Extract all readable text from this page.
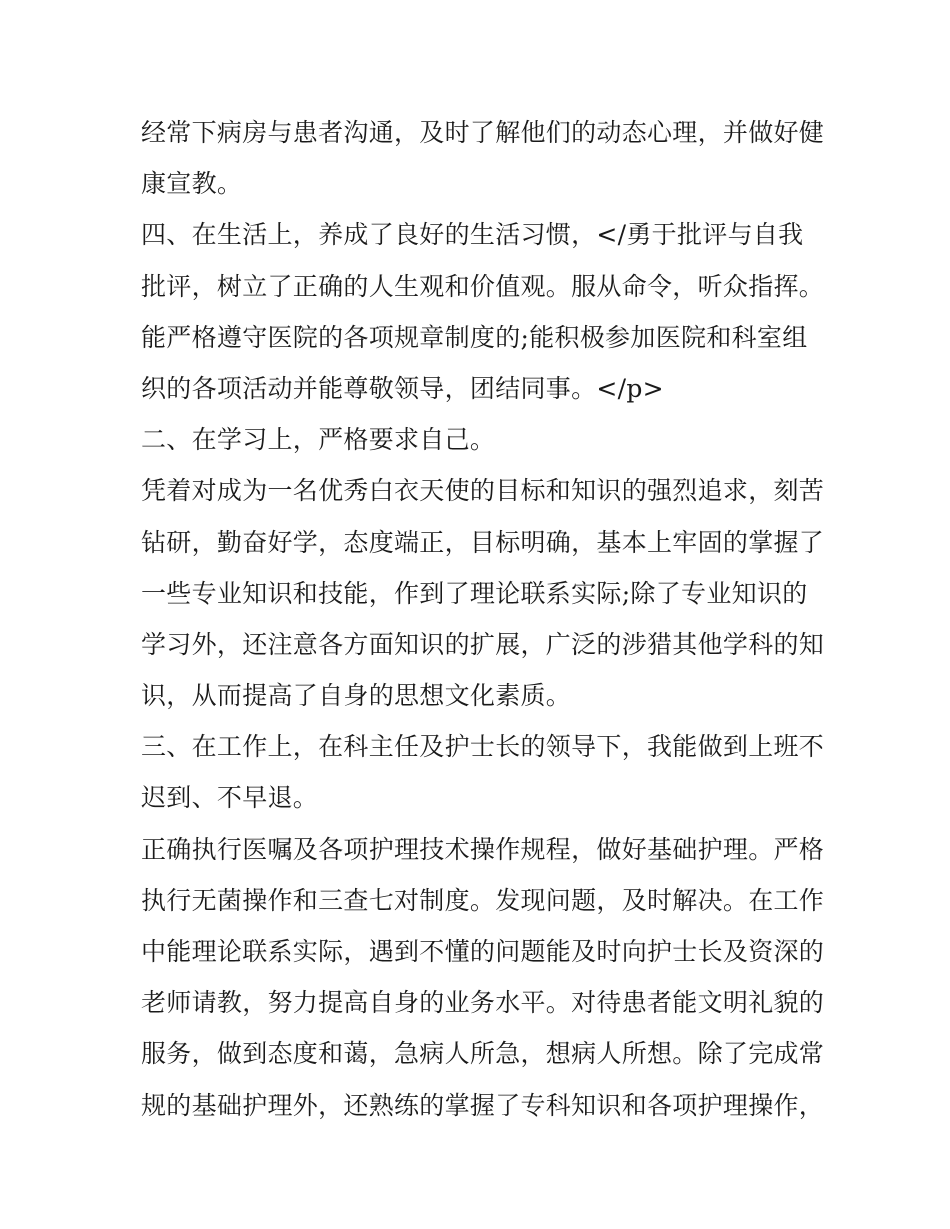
经常下病房与患者沟通，及时了解他们的动态心理，并做好健
康宣教。
四、在生活上，养成了良好的生活习惯，</勇于批评与自我
批评，树立了正确的人生观和价值观。服从命令，听众指挥。
能严格遵守医院的各项规章制度的;能积极参加医院和科室组
织的各项活动并能尊敬领导，团结同事。</p>
二、在学习上，严格要求自己。
凭着对成为一名优秀白衣天使的目标和知识的强烈追求，刻苦
钻研，勤奋好学，态度端正，目标明确，基本上牢固的掌握了
一些专业知识和技能，作到了理论联系实际;除了专业知识的
学习外，还注意各方面知识的扩展，广泛的涉猎其他学科的知
识，从而提高了自身的思想文化素质。
三、在工作上，在科主任及护士长的领导下，我能做到上班不
迟到、不早退。
正确执行医嘱及各项护理技术操作规程，做好基础护理。严格
执行无菌操作和三查七对制度。发现问题，及时解决。在工作
中能理论联系实际，遇到不懂的问题能及时向护士长及资深的
老师请教，努力提高自身的业务水平。对待患者能文明礼貌的
服务，做到态度和蔼，急病人所急，想病人所想。除了完成常
规的基础护理外，还熟练的掌握了专科知识和各项护理操作，
